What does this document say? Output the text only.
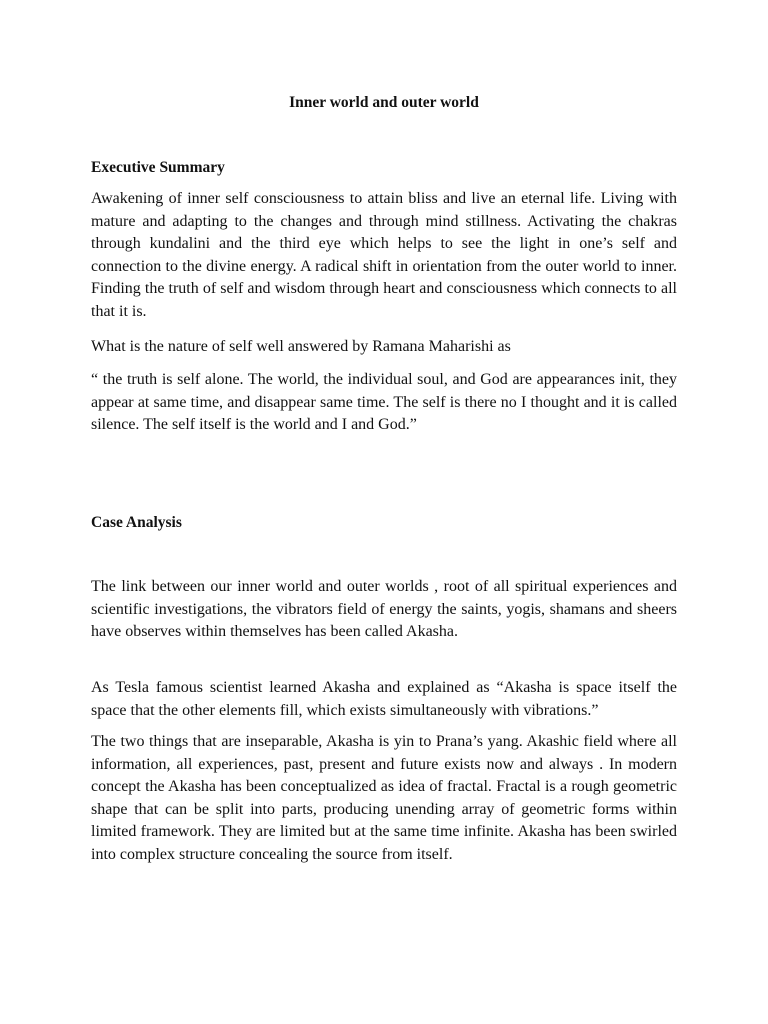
Inner world and outer world
Executive Summary

Awakening of inner self consciousness to attain bliss and live an eternal life. Living with mature and adapting to the changes and through mind stillness. Activating the chakras through kundalini and the third eye which helps to see the light in one’s self and connection to the divine energy. A radical shift in orientation from the outer world to inner. Finding the truth of self and wisdom through heart and consciousness which connects to all that it is.

What is the nature of self well answered by Ramana Maharishi as

“ the truth is self alone. The world, the individual soul, and God are appearances init, they appear at same time, and disappear same time. The self is there no I thought and it is called silence. The self itself is the world and I and God.”

Case Analysis

The link between our inner world and outer worlds , root of all spiritual experiences and scientific investigations, the vibrators field of energy the saints, yogis, shamans and sheers have observes within themselves has been called Akasha.

As Tesla famous scientist learned Akasha and explained as “Akasha is space itself the space that the other elements fill, which exists simultaneously with vibrations.”

The two things that are inseparable, Akasha is yin to Prana’s yang. Akashic field where all information, all experiences, past, present and future exists now and always . In modern concept the Akasha has been conceptualized as idea of fractal. Fractal is a rough geometric shape that can be split into parts, producing unending array of geometric forms within limited framework. They are limited but at the same time infinite. Akasha has been swirled into complex structure concealing the source from itself.
